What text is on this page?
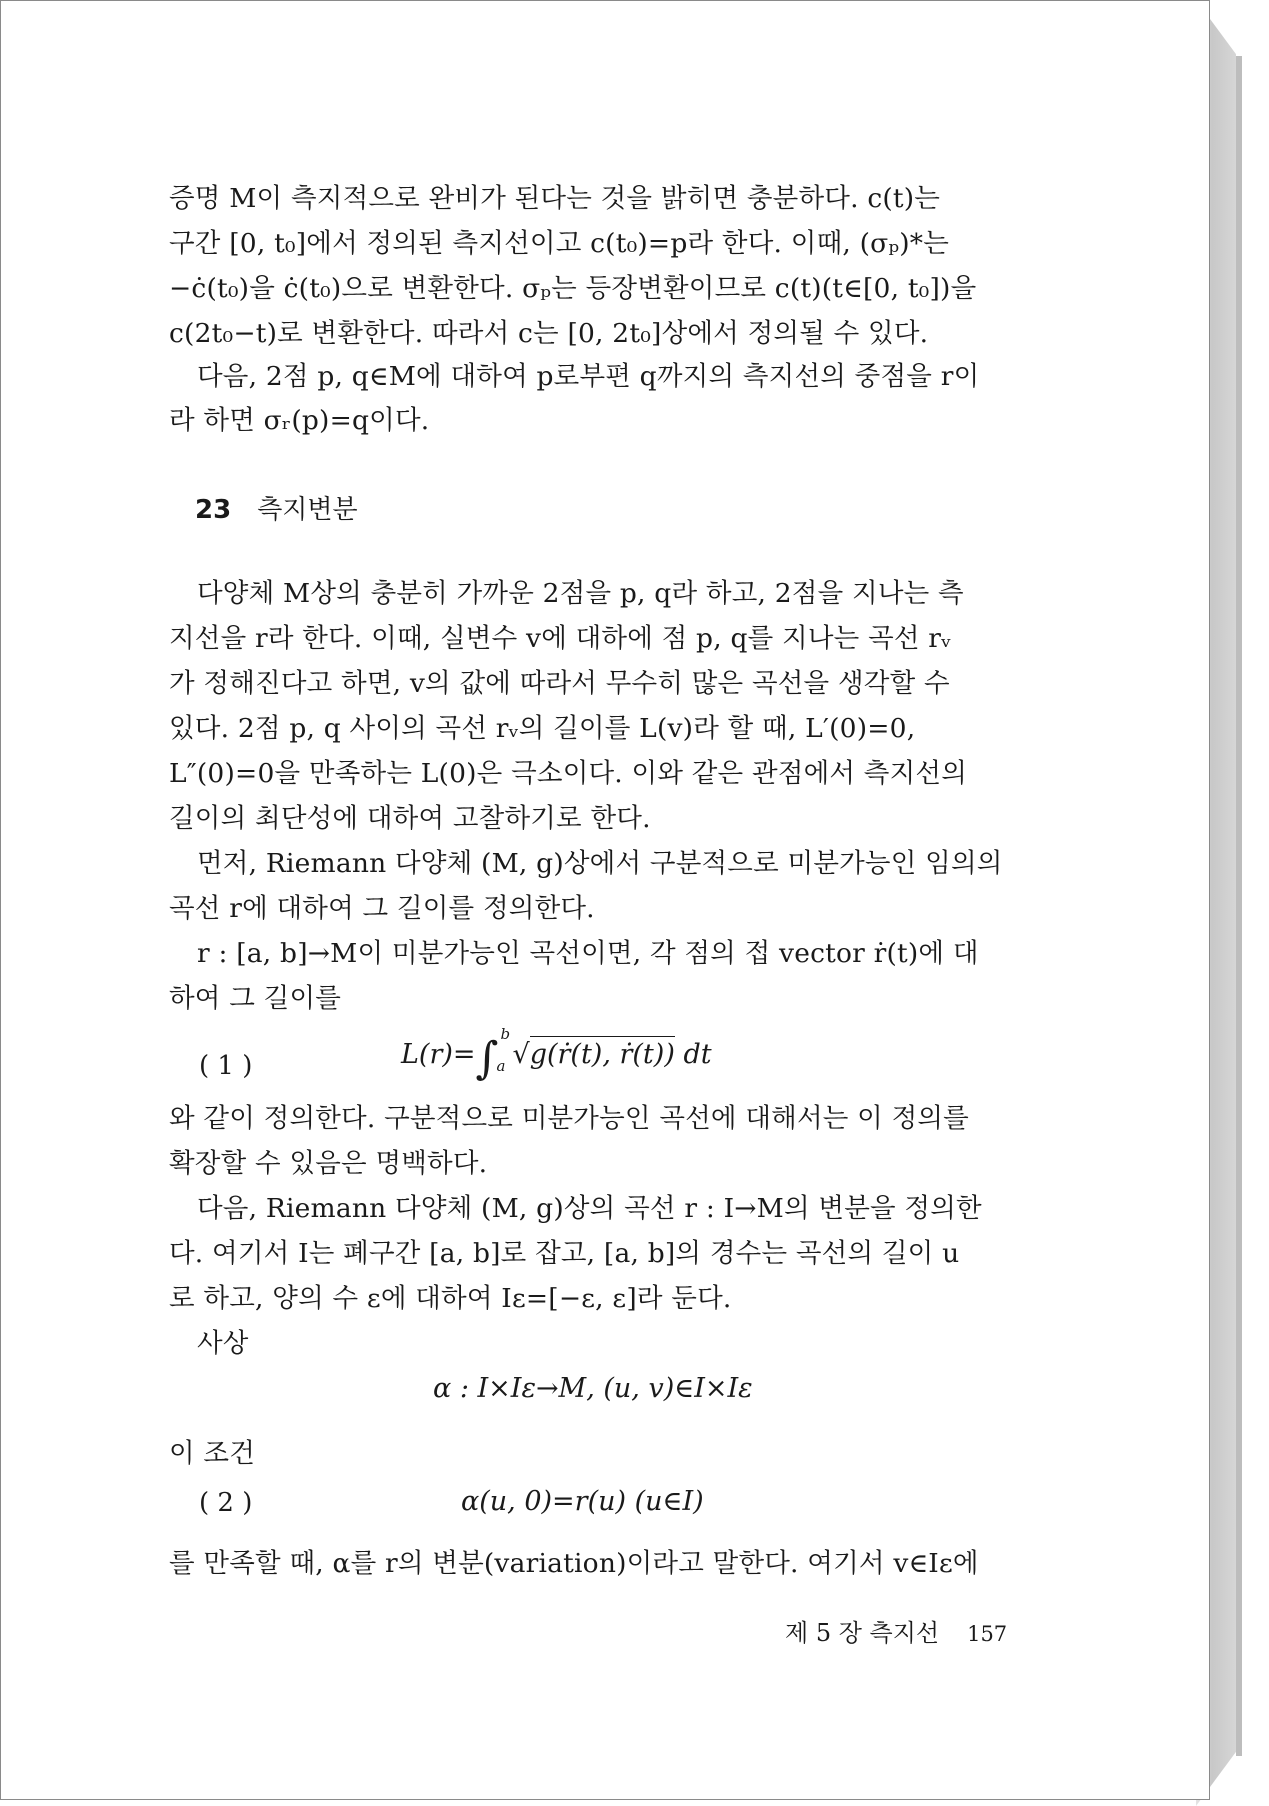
증명 M이 측지적으로 완비가 된다는 것을 밝히면 충분하다. c(t)는
구간 [0, t₀]에서 정의된 측지선이고 c(t₀)=p라 한다. 이때, (σₚ)*는
−ċ(t₀)을 ċ(t₀)으로 변환한다. σₚ는 등장변환이므로 c(t)(t∈[0, t₀])을
c(2t₀−t)로 변환한다. 따라서 c는 [0, 2t₀]상에서 정의될 수 있다.
다음, 2점 p, q∈M에 대하여 p로부편 q까지의 측지선의 중점을 r이
라 하면 σᵣ(p)=q이다.
23 측지변분
다양체 M상의 충분히 가까운 2점을 p, q라 하고, 2점을 지나는 측
지선을 r라 한다. 이때, 실변수 v에 대하에 점 p, q를 지나는 곡선 rᵥ
가 정해진다고 하면, v의 값에 따라서 무수히 많은 곡선을 생각할 수
있다. 2점 p, q 사이의 곡선 rᵥ의 길이를 L(v)라 할 때, L′(0)=0,
L″(0)=0을 만족하는 L(0)은 극소이다. 이와 같은 관점에서 측지선의
길이의 최단성에 대하여 고찰하기로 한다.
먼저, Riemann 다양체 (M, g)상에서 구분적으로 미분가능인 임의의
곡선 r에 대하여 그 길이를 정의한다.
r : [a, b]→M이 미분가능인 곡선이면, 각 점의 접 vector ṙ(t)에 대
하여 그 길이를
( 1 )	L(r)=∫ b
a √g(ṙ(t), ṙ(t)) dt
와 같이 정의한다. 구분적으로 미분가능인 곡선에 대해서는 이 정의를
확장할 수 있음은 명백하다.
다음, Riemann 다양체 (M, g)상의 곡선 r : I→M의 변분을 정의한
다. 여기서 I는 폐구간 [a, b]로 잡고, [a, b]의 경수는 곡선의 길이 u
로 하고, 양의 수 ε에 대하여 Iε=[−ε, ε]라 둔다.
사상
α : I×Iε→M, (u, v)∈I×Iε
이 조건
( 2 )	α(u, 0)=r(u) (u∈I)
를 만족할 때, α를 r의 변분(variation)이라고 말한다. 여기서 v∈Iε에
제 5 장 측지선 157
